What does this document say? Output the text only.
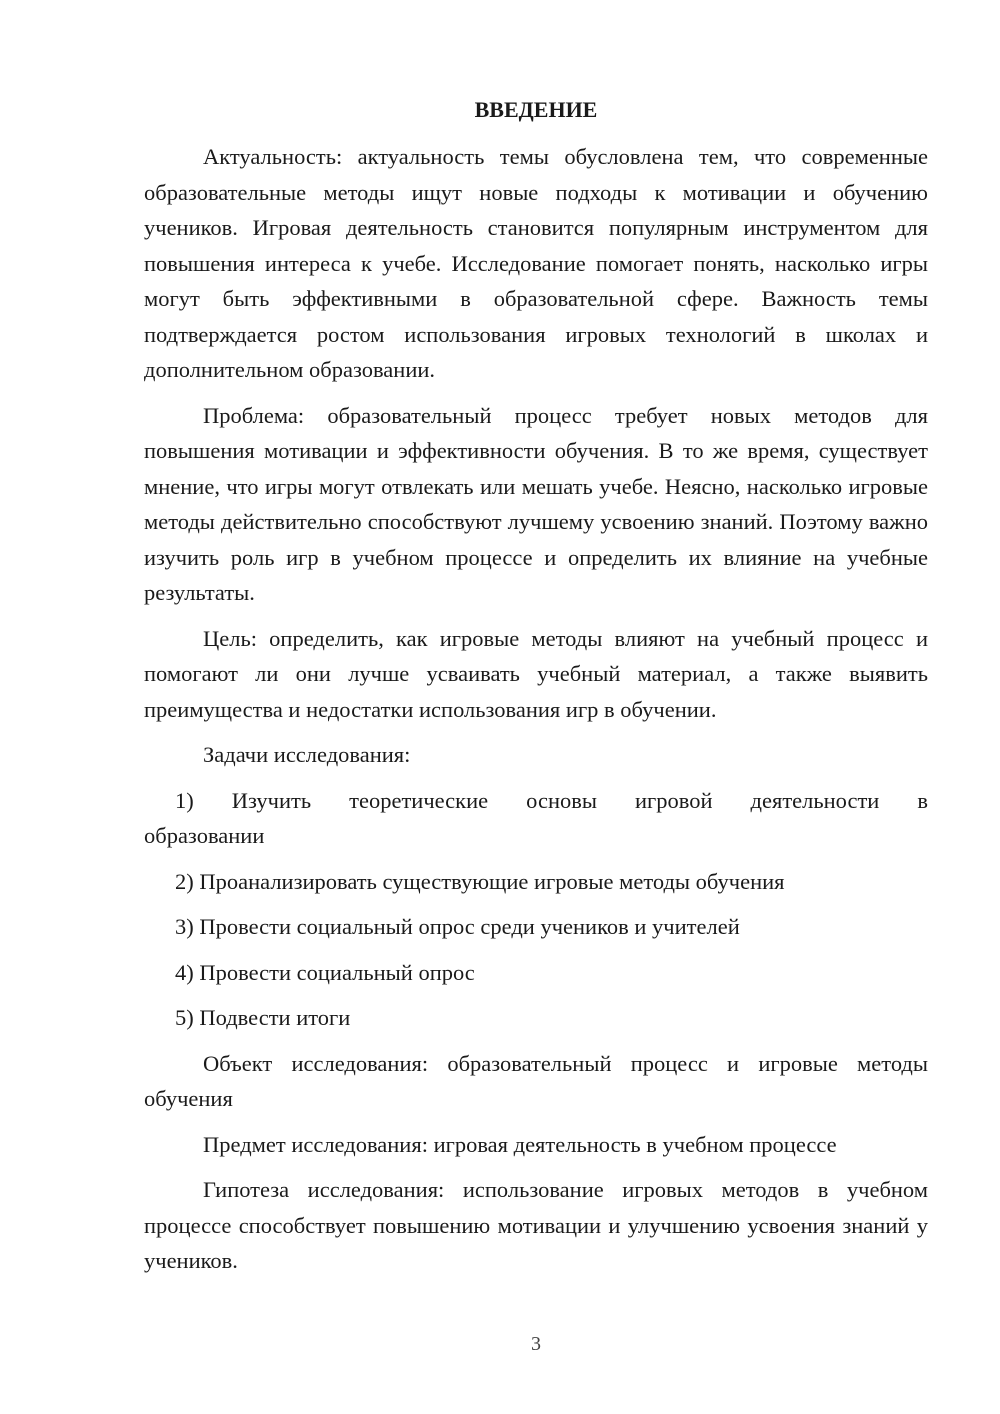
ВВЕДЕНИЕ

Актуальность: актуальность темы обусловлена тем, что современные образовательные методы ищут новые подходы к мотивации и обучению учеников. Игровая деятельность становится популярным инструментом для повышения интереса к учебе. Исследование помогает понять, насколько игры могут быть эффективными в образовательной сфере. Важность темы подтверждается ростом использования игровых технологий в школах и дополнительном образовании.

Проблема: образовательный процесс требует новых методов для повышения мотивации и эффективности обучения. В то же время, существует мнение, что игры могут отвлекать или мешать учебе. Неясно, насколько игровые методы действительно способствуют лучшему усвоению знаний. Поэтому важно изучить роль игр в учебном процессе и определить их влияние на учебные результаты.

Цель: определить, как игровые методы влияют на учебный процесс и помогают ли они лучше усваивать учебный материал, а также выявить преимущества и недостатки использования игр в обучении.

Задачи исследования:

1) Изучить теоретические основы игровой деятельности в
образовании

2) Проанализировать существующие игровые методы обучения

3) Провести социальный опрос среди учеников и учителей

4) Провести социальный опрос

5) Подвести итоги

Объект исследования: образовательный процесс и игровые методы обучения

Предмет исследования: игровая деятельность в учебном процессе

Гипотеза исследования: использование игровых методов в учебном процессе способствует повышению мотивации и улучшению усвоения знаний у учеников.

3
